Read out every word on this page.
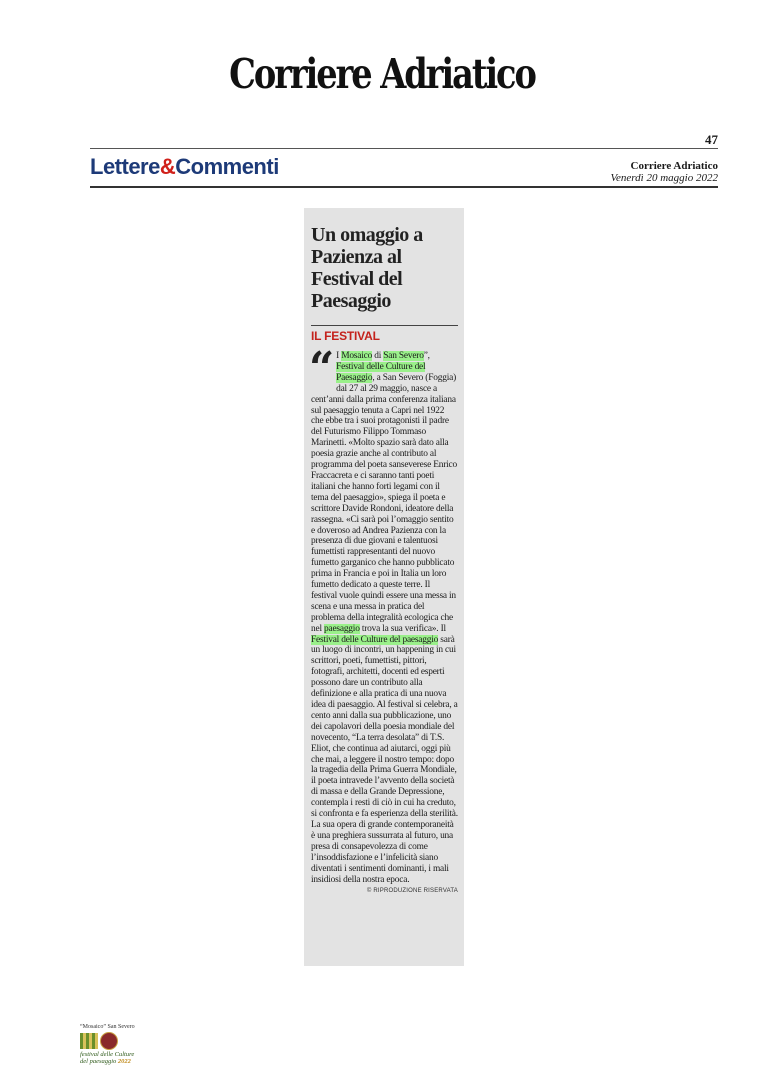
Corriere Adriatico
47
Lettere&Commenti	Corriere Adriatico
Venerdì 20 maggio 2022
Un omaggio a Pazienza al Festival del Paesaggio
IL FESTIVAL
“ I Mosaico di San Severo”, Festival delle Culture del Paesaggio, a San Severo (Foggia) dal 27 al 29 maggio, nasce a cent’anni dalla prima conferenza italiana sul paesaggio tenuta a Capri nel 1922 che ebbe tra i suoi protagonisti il padre del Futurismo Filippo Tommaso Marinetti. «Molto spazio sarà dato alla poesia grazie anche al contributo al programma del poeta sanseverese Enrico Fraccacreta e ci saranno tanti poeti italiani che hanno forti legami con il tema del paesaggio», spiega il poeta e scrittore Davide Rondoni, ideatore della rassegna. «Ci sarà poi l’omaggio sentito e doveroso ad Andrea Pazienza con la presenza di due giovani e talentuosi fumettisti rappresentanti del nuovo fumetto garganico che hanno pubblicato prima in Francia e poi in Italia un loro fumetto dedicato a queste terre. Il festival vuole quindi essere una messa in scena e una messa in pratica del problema della integralità ecologica che nel paesaggio trova la sua verifica». Il Festival delle Culture del paesaggio sarà un luogo di incontri, un happening in cui scrittori, poeti, fumettisti, pittori, fotografi, architetti, docenti ed esperti possono dare un contributo alla definizione e alla pratica di una nuova idea di paesaggio. Al festival si celebra, a cento anni dalla sua pubblicazione, uno dei capolavori della poesia mondiale del novecento, “La terra desolata” di T.S. Eliot, che continua ad aiutarci, oggi più che mai, a leggere il nostro tempo: dopo la tragedia della Prima Guerra Mondiale, il poeta intravede l’avvento della società di massa e della Grande Depressione, contempla i resti di ciò in cui ha creduto, si confronta e fa esperienza della sterilità. La sua opera di grande contemporaneità è una preghiera sussurrata al futuro, una presa di consapevolezza di come l’insoddisfazione e l’infelicità siano diventati i sentimenti dominanti, i mali insidiosi della nostra epoca.
© RIPRODUZIONE RISERVATA
“Mosaico” San Severo
festival delle Culture
del paesaggio 2022
